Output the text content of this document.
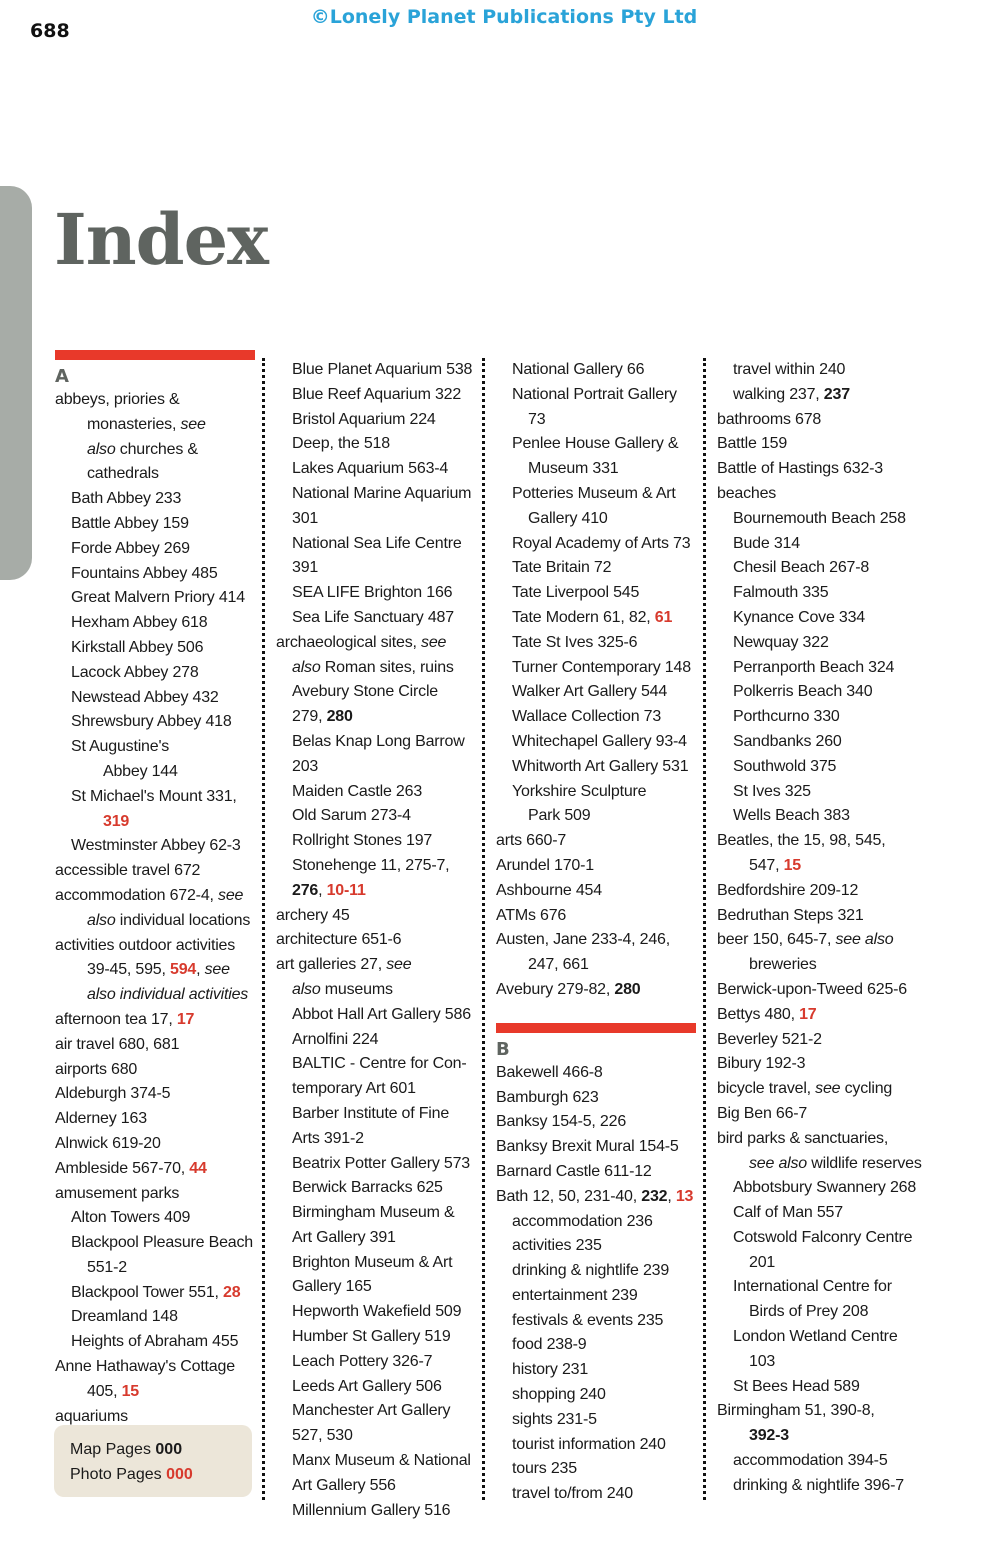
688
©Lonely Planet Publications Pty Ltd
Index
A
abbeys, priories &
monasteries, see
also churches &
cathedrals
Bath Abbey 233
Battle Abbey 159
Forde Abbey 269
Fountains Abbey 485
Great Malvern Priory 414
Hexham Abbey 618
Kirkstall Abbey 506
Lacock Abbey 278
Newstead Abbey 432
Shrewsbury Abbey 418
St Augustine's
Abbey 144
St Michael's Mount 331,
319
Westminster Abbey 62-3
accessible travel 672
accommodation 672-4, see
also individual locations
activities outdoor activities
39-45, 595, 594, see
also individual activities
afternoon tea 17, 17
air travel 680, 681
airports 680
Aldeburgh 374-5
Alderney 163
Alnwick 619-20
Ambleside 567-70, 44
amusement parks
Alton Towers 409
Blackpool Pleasure Beach
551-2
Blackpool Tower 551, 28
Dreamland 148
Heights of Abraham 455
Anne Hathaway's Cottage
405, 15
aquariums
Blue Planet Aquarium 538
Blue Reef Aquarium 322
Bristol Aquarium 224
Deep, the 518
Lakes Aquarium 563-4
National Marine Aquarium
301
National Sea Life Centre
391
SEA LIFE Brighton 166
Sea Life Sanctuary 487
archaeological sites, see
also Roman sites, ruins
Avebury Stone Circle
279, 280
Belas Knap Long Barrow
203
Maiden Castle 263
Old Sarum 273-4
Rollright Stones 197
Stonehenge 11, 275-7,
276, 10-11
archery 45
architecture 651-6
art galleries 27, see
also museums
Abbot Hall Art Gallery 586
Arnolfini 224
BALTIC - Centre for Con-
temporary Art 601
Barber Institute of Fine
Arts 391-2
Beatrix Potter Gallery 573
Berwick Barracks 625
Birmingham Museum &
Art Gallery 391
Brighton Museum & Art
Gallery 165
Hepworth Wakefield 509
Humber St Gallery 519
Leach Pottery 326-7
Leeds Art Gallery 506
Manchester Art Gallery
527, 530
Manx Museum & National
Art Gallery 556
Millennium Gallery 516
National Gallery 66
National Portrait Gallery
73
Penlee House Gallery &
Museum 331
Potteries Museum & Art
Gallery 410
Royal Academy of Arts 73
Tate Britain 72
Tate Liverpool 545
Tate Modern 61, 82, 61
Tate St Ives 325-6
Turner Contemporary 148
Walker Art Gallery 544
Wallace Collection 73
Whitechapel Gallery 93-4
Whitworth Art Gallery 531
Yorkshire Sculpture
Park 509
arts 660-7
Arundel 170-1
Ashbourne 454
ATMs 676
Austen, Jane 233-4, 246,
247, 661
Avebury 279-82, 280
B
Bakewell 466-8
Bamburgh 623
Banksy 154-5, 226
Banksy Brexit Mural 154-5
Barnard Castle 611-12
Bath 12, 50, 231-40, 232, 13
accommodation 236
activities 235
drinking & nightlife 239
entertainment 239
festivals & events 235
food 238-9
history 231
shopping 240
sights 231-5
tourist information 240
tours 235
travel to/from 240
travel within 240
walking 237, 237
bathrooms 678
Battle 159
Battle of Hastings 632-3
beaches
Bournemouth Beach 258
Bude 314
Chesil Beach 267-8
Falmouth 335
Kynance Cove 334
Newquay 322
Perranporth Beach 324
Polkerris Beach 340
Porthcurno 330
Sandbanks 260
Southwold 375
St Ives 325
Wells Beach 383
Beatles, the 15, 98, 545,
547, 15
Bedfordshire 209-12
Bedruthan Steps 321
beer 150, 645-7, see also
breweries
Berwick-upon-Tweed 625-6
Bettys 480, 17
Beverley 521-2
Bibury 192-3
bicycle travel, see cycling
Big Ben 66-7
bird parks & sanctuaries,
see also wildlife reserves
Abbotsbury Swannery 268
Calf of Man 557
Cotswold Falconry Centre
201
International Centre for
Birds of Prey 208
London Wetland Centre
103
St Bees Head 589
Birmingham 51, 390-8,
392-3
accommodation 394-5
drinking & nightlife 396-7
Map Pages 000
Photo Pages 000
